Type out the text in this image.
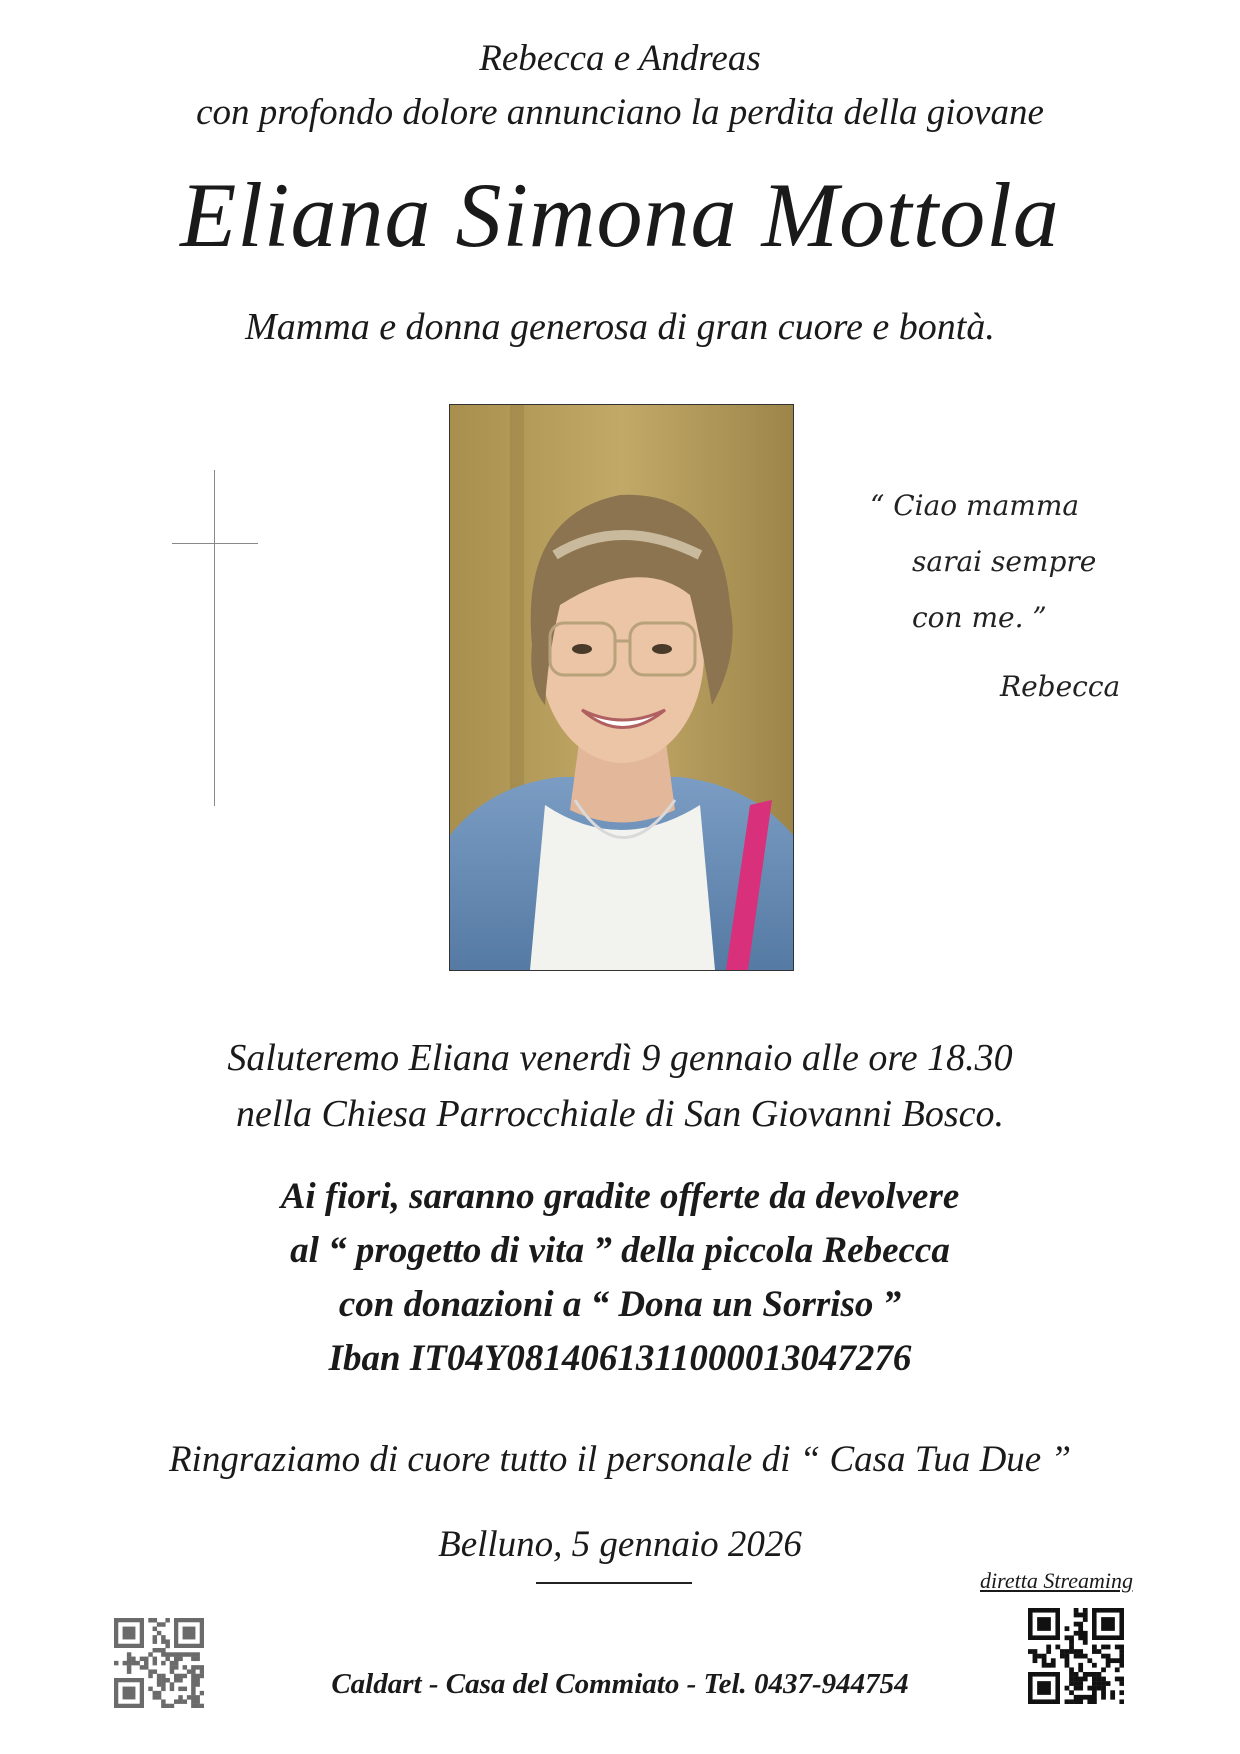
Rebecca e Andreas
con profondo dolore annunciano la perdita della giovane
Eliana Simona Mottola
Mamma e donna generosa di gran cuore e bontà.
“ Ciao mamma
sarai sempre
con me. ”
Rebecca
Saluteremo Eliana venerdì 9 gennaio alle ore 18.30
nella Chiesa Parrocchiale di San Giovanni Bosco.
Ai fiori, saranno gradite offerte da devolvere
al “ progetto di vita ” della piccola Rebecca
con donazioni a “ Dona un Sorriso ”
Iban IT04Y0814061311000013047276
Ringraziamo di cuore tutto il personale di “ Casa Tua Due ”
Belluno, 5 gennaio 2026
diretta Streaming
Caldart - Casa del Commiato - Tel. 0437-944754
